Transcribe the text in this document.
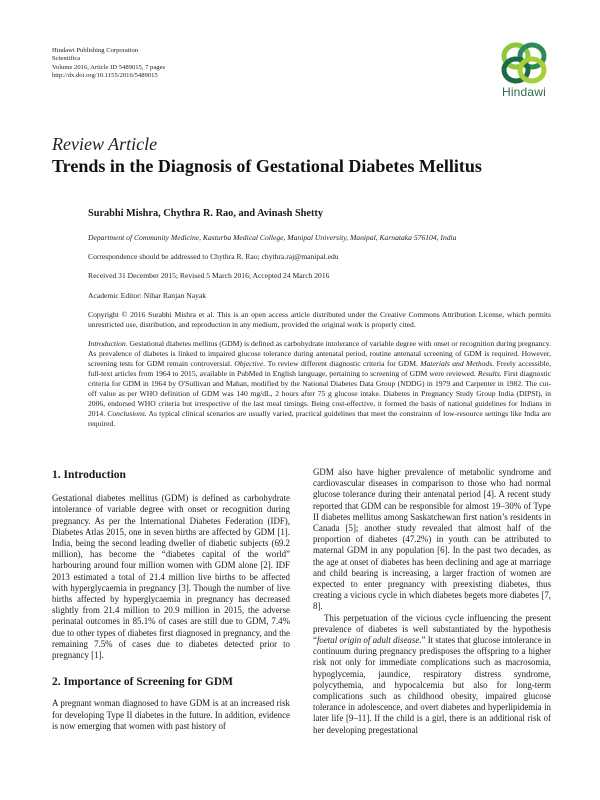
Hindawi Publishing Corporation
Scientifica
Volume 2016, Article ID 5489015, 7 pages
http://dx.doi.org/10.1155/2016/5489015
Hindawi
Review Article
Trends in the Diagnosis of Gestational Diabetes Mellitus
Surabhi Mishra, Chythra R. Rao, and Avinash Shetty
Department of Community Medicine, Kasturba Medical College, Manipal University, Manipal, Karnataka 576104, India
Correspondence should be addressed to Chythra R. Rao; chythra.raj@manipal.edu
Received 31 December 2015; Revised 5 March 2016; Accepted 24 March 2016
Academic Editor: Nihar Ranjan Nayak
Copyright © 2016 Surabhi Mishra et al. This is an open access article distributed under the Creative Commons Attribution License, which permits unrestricted use, distribution, and reproduction in any medium, provided the original work is properly cited.
Introduction. Gestational diabetes mellitus (GDM) is defined as carbohydrate intolerance of variable degree with onset or recognition during pregnancy. As prevalence of diabetes is linked to impaired glucose tolerance during antenatal period, routine antenatal screening of GDM is required. However, screening tests for GDM remain controversial. Objective. To review different diagnostic criteria for GDM. Materials and Methods. Freely accessible, full-text articles from 1964 to 2015, available in PubMed in English language, pertaining to screening of GDM were reviewed. Results. First diagnostic criteria for GDM in 1964 by O'Sullivan and Mahan, modified by the National Diabetes Data Group (NDDG) in 1979 and Carpenter in 1982. The cut-off value as per WHO definition of GDM was 140 mg/dL, 2 hours after 75 g glucose intake. Diabetes in Pregnancy Study Group India (DIPSI), in 2006, endorsed WHO criteria but irrespective of the last meal timings. Being cost-effective, it formed the basis of national guidelines for Indians in 2014. Conclusions. As typical clinical scenarios are usually varied, practical guidelines that meet the constraints of low-resource settings like India are required.
1. Introduction

Gestational diabetes mellitus (GDM) is defined as carbohydrate intolerance of variable degree with onset or recognition during pregnancy. As per the International Diabetes Federation (IDF), Diabetes Atlas 2015, one in seven births are affected by GDM [1]. India, being the second leading dweller of diabetic subjects (69.2 million), has become the “diabetes capital of the world” harbouring around four million women with GDM alone [2]. IDF 2013 estimated a total of 21.4 million live births to be affected with hyperglycaemia in pregnancy [3]. Though the number of live births affected by hyperglycaemia in pregnancy has decreased slightly from 21.4 million to 20.9 million in 2015, the adverse perinatal outcomes in 85.1% of cases are still due to GDM, 7.4% due to other types of diabetes first diagnosed in pregnancy, and the remaining 7.5% of cases due to diabetes detected prior to pregnancy [1].

2. Importance of Screening for GDM

A pregnant woman diagnosed to have GDM is at an increased risk for developing Type II diabetes in the future. In addition, evidence is now emerging that women with past history of

GDM also have higher prevalence of metabolic syndrome and cardiovascular diseases in comparison to those who had normal glucose tolerance during their antenatal period [4]. A recent study reported that GDM can be responsible for almost 19–30% of Type II diabetes mellitus among Saskatchewan first nation’s residents in Canada [5]; another study revealed that almost half of the proportion of diabetes (47.2%) in youth can be attributed to maternal GDM in any population [6]. In the past two decades, as the age at onset of diabetes has been declining and age at marriage and child bearing is increasing, a larger fraction of women are expected to enter pregnancy with preexisting diabetes, thus creating a vicious cycle in which diabetes begets more diabetes [7, 8].

This perpetuation of the vicious cycle influencing the present prevalence of diabetes is well substantiated by the hypothesis “foetal origin of adult disease.” It states that glucose intolerance in continuum during pregnancy predisposes the offspring to a higher risk not only for immediate complications such as macrosomia, hypoglycemia, jaundice, respiratory distress syndrome, polycythemia, and hypocalcemia but also for long-term complications such as childhood obesity, impaired glucose tolerance in adolescence, and overt diabetes and hyperlipidemia in later life [9–11]. If the child is a girl, there is an additional risk of her developing pregestational
